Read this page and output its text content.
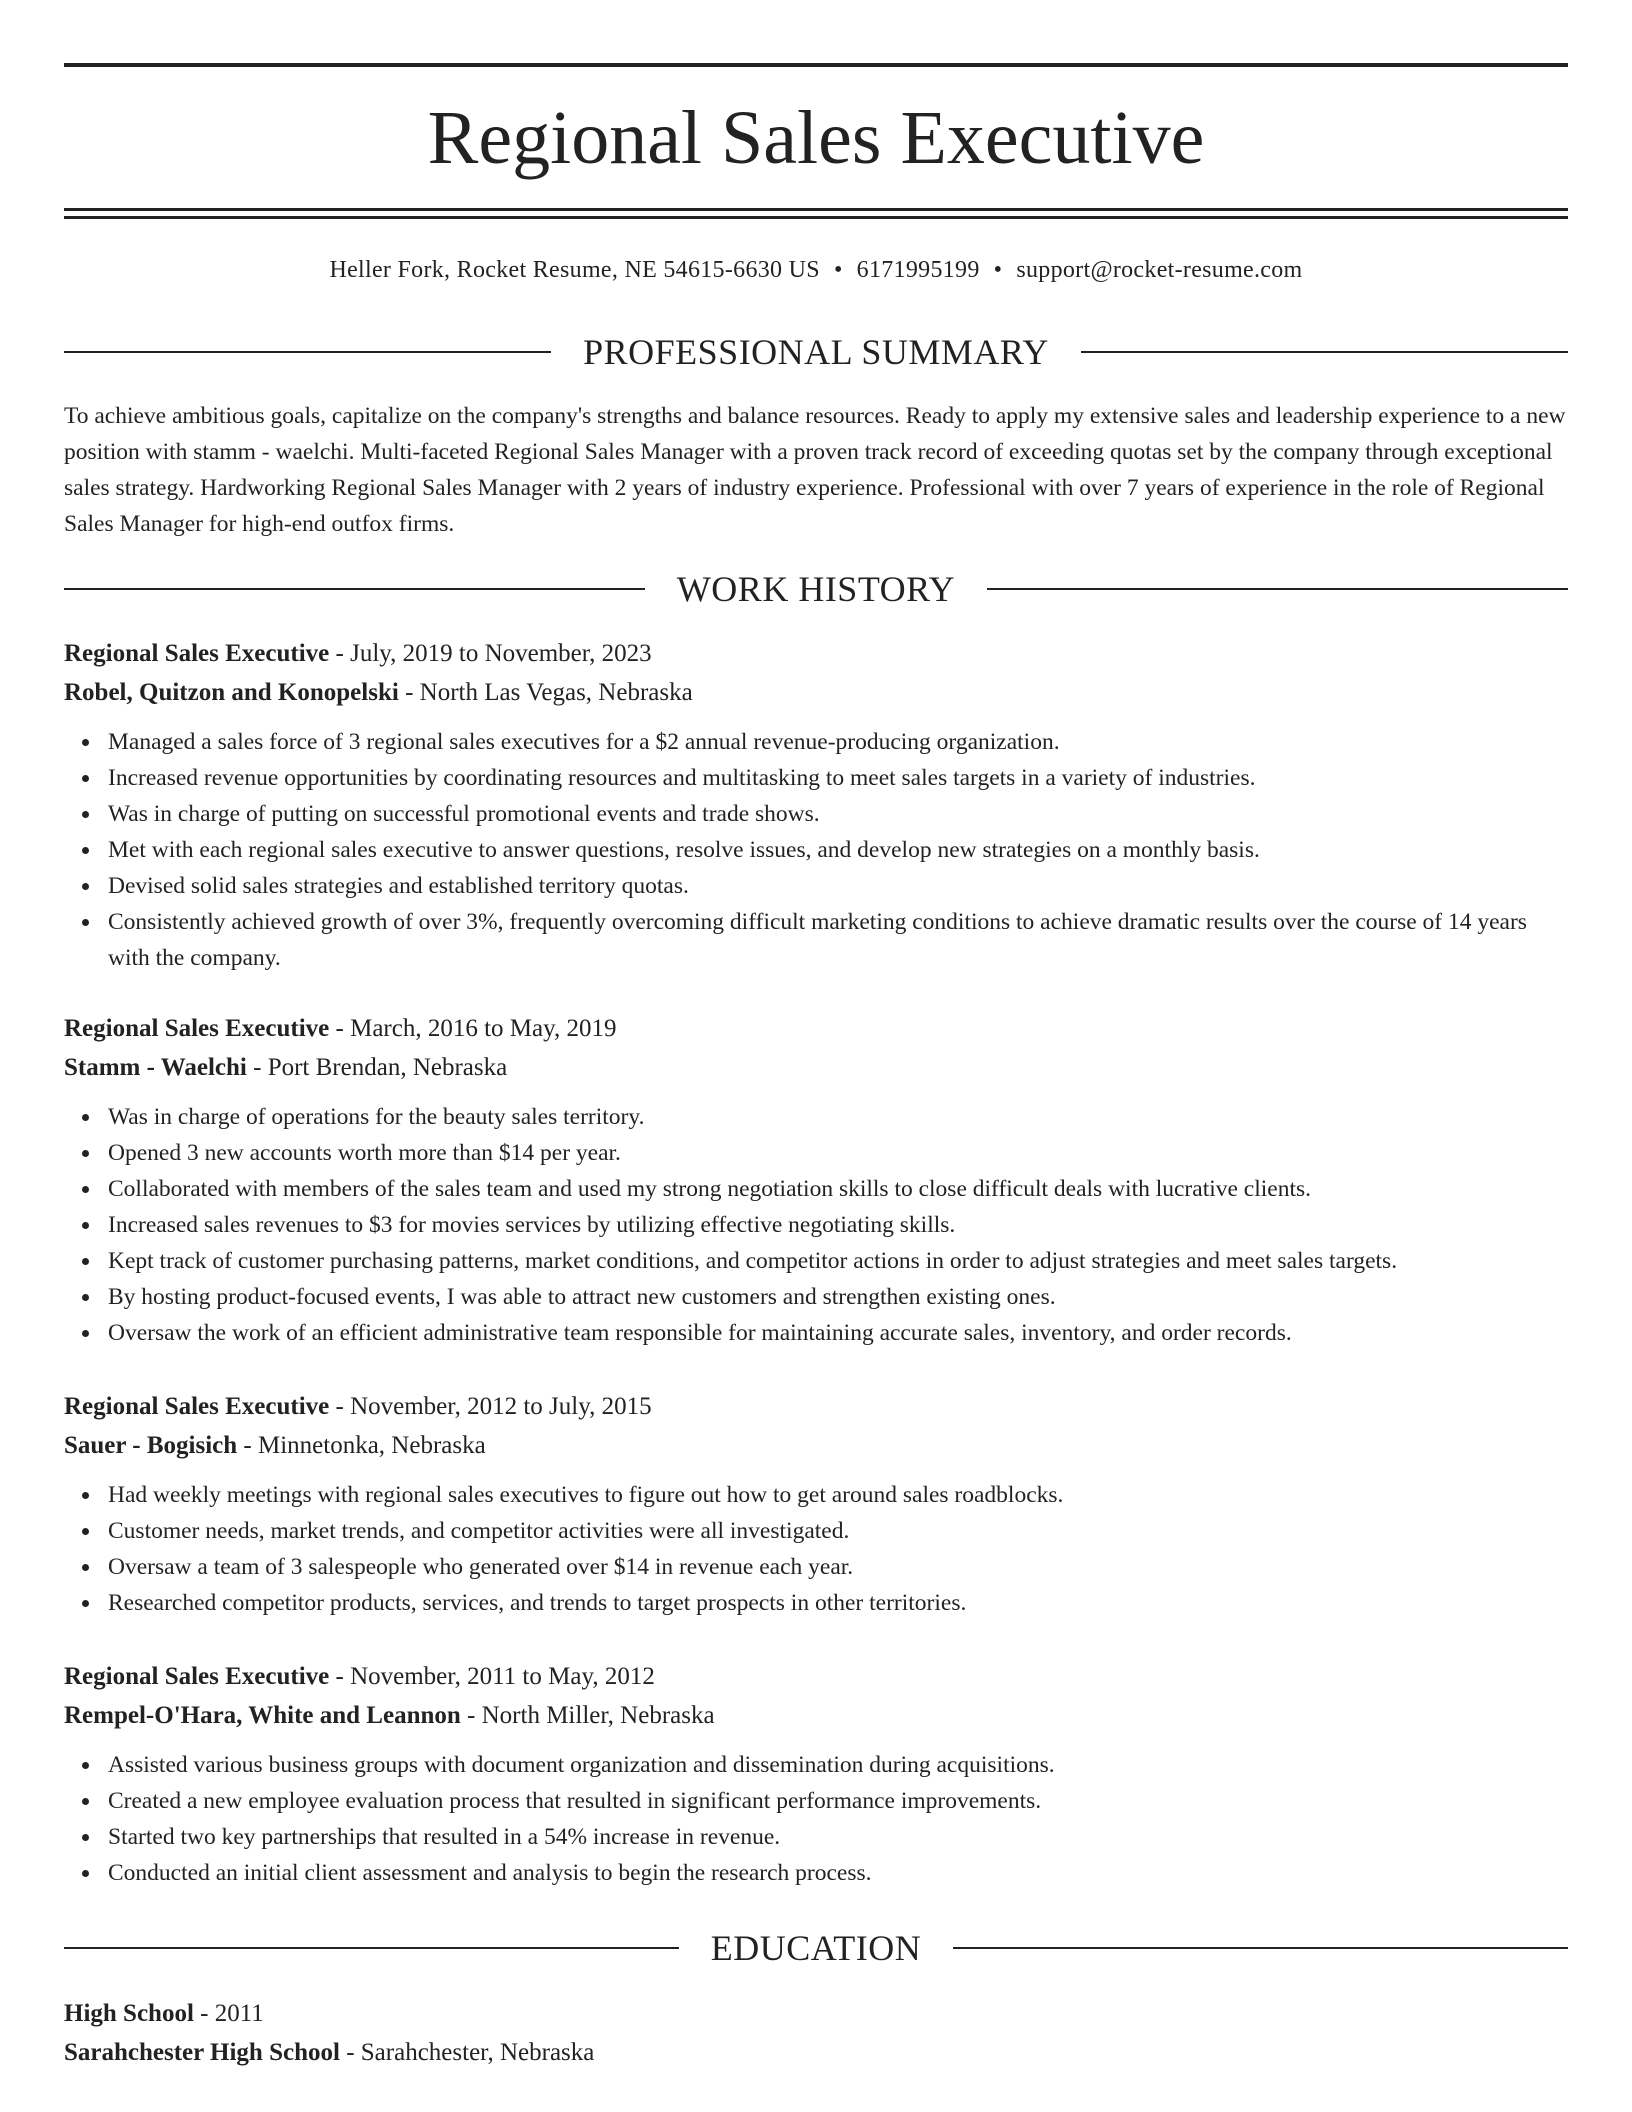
Regional Sales Executive
Heller Fork, Rocket Resume, NE 54615-6630 US • 6171995199 • support@rocket-resume.com
PROFESSIONAL SUMMARY

To achieve ambitious goals, capitalize on the company's strengths and balance resources. Ready to apply my extensive sales and leadership experience to a new position with stamm - waelchi. Multi-faceted Regional Sales Manager with a proven track record of exceeding quotas set by the company through exceptional sales strategy. Hardworking Regional Sales Manager with 2 years of industry experience. Professional with over 7 years of experience in the role of Regional Sales Manager for high-end outfox firms.

WORK HISTORY

Regional Sales Executive - July, 2019 to November, 2023

Robel, Quitzon and Konopelski - North Las Vegas, Nebraska

Managed a sales force of 3 regional sales executives for a $2 annual revenue-producing organization.
Increased revenue opportunities by coordinating resources and multitasking to meet sales targets in a variety of industries.
Was in charge of putting on successful promotional events and trade shows.
Met with each regional sales executive to answer questions, resolve issues, and develop new strategies on a monthly basis.
Devised solid sales strategies and established territory quotas.
Consistently achieved growth of over 3%, frequently overcoming difficult marketing conditions to achieve dramatic results over the course of 14 years with the company.

Regional Sales Executive - March, 2016 to May, 2019

Stamm - Waelchi - Port Brendan, Nebraska

Was in charge of operations for the beauty sales territory.
Opened 3 new accounts worth more than $14 per year.
Collaborated with members of the sales team and used my strong negotiation skills to close difficult deals with lucrative clients.
Increased sales revenues to $3 for movies services by utilizing effective negotiating skills.
Kept track of customer purchasing patterns, market conditions, and competitor actions in order to adjust strategies and meet sales targets.
By hosting product-focused events, I was able to attract new customers and strengthen existing ones.
Oversaw the work of an efficient administrative team responsible for maintaining accurate sales, inventory, and order records.

Regional Sales Executive - November, 2012 to July, 2015

Sauer - Bogisich - Minnetonka, Nebraska

Had weekly meetings with regional sales executives to figure out how to get around sales roadblocks.
Customer needs, market trends, and competitor activities were all investigated.
Oversaw a team of 3 salespeople who generated over $14 in revenue each year.
Researched competitor products, services, and trends to target prospects in other territories.

Regional Sales Executive - November, 2011 to May, 2012

Rempel-O'Hara, White and Leannon - North Miller, Nebraska

Assisted various business groups with document organization and dissemination during acquisitions.
Created a new employee evaluation process that resulted in significant performance improvements.
Started two key partnerships that resulted in a 54% increase in revenue.
Conducted an initial client assessment and analysis to begin the research process.
EDUCATION

High School - 2011

Sarahchester High School - Sarahchester, Nebraska
